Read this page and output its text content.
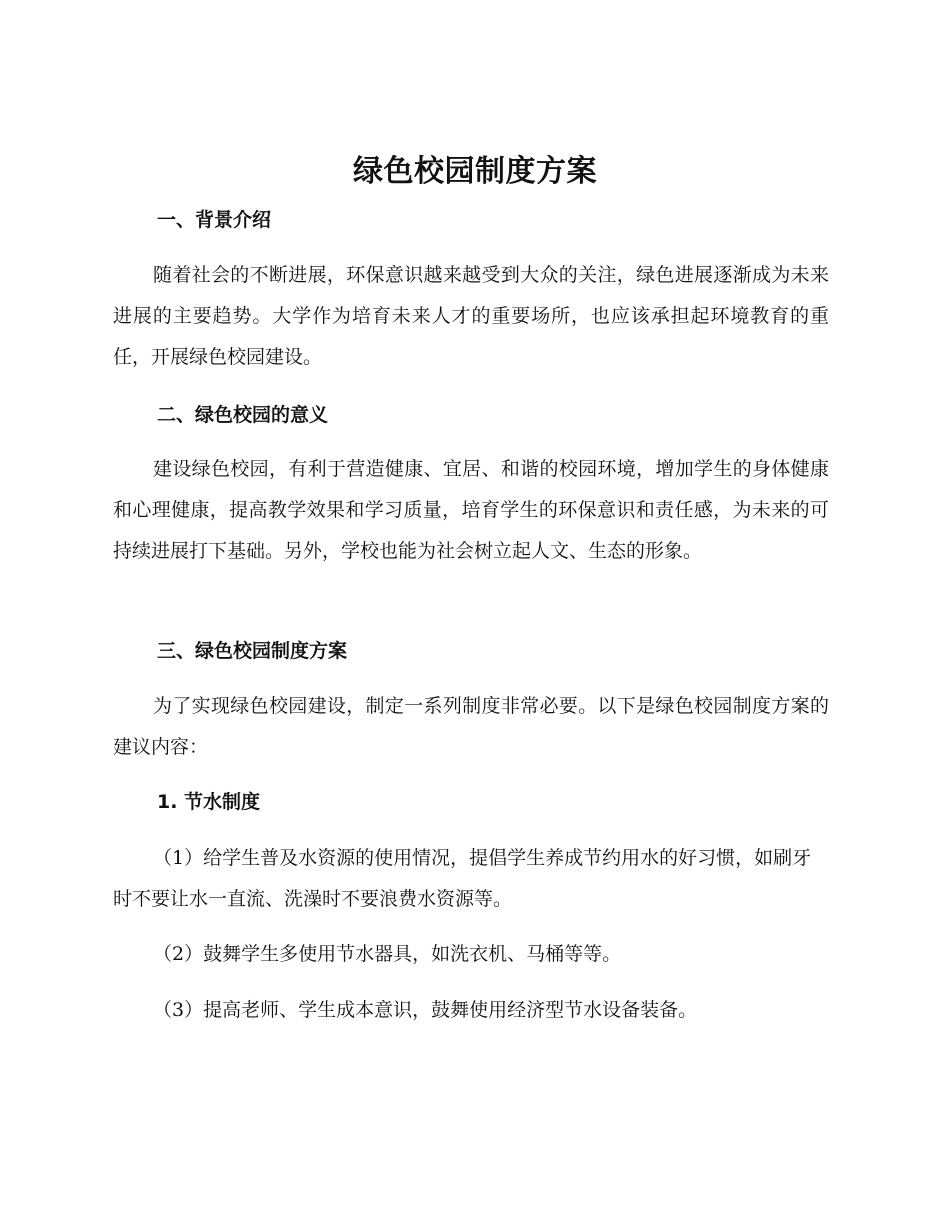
绿色校园制度方案
一、背景介绍

随着社会的不断进展，环保意识越来越受到大众的关注，绿色进展逐渐成为未来进展的主要趋势。大学作为培育未来人才的重要场所，也应该承担起环境教育的重任，开展绿色校园建设。

二、绿色校园的意义

建设绿色校园，有利于营造健康、宜居、和谐的校园环境，增加学生的身体健康和心理健康，提高教学效果和学习质量，培育学生的环保意识和责任感，为未来的可持续进展打下基础。另外，学校也能为社会树立起人文、生态的形象。

三、绿色校园制度方案

为了实现绿色校园建设，制定一系列制度非常必要。以下是绿色校园制度方案的建议内容：

1. 节水制度

（1）给学生普及水资源的使用情况，提倡学生养成节约用水的好习惯，如刷牙时不要让水一直流、洗澡时不要浪费水资源等。

（2）鼓舞学生多使用节水器具，如洗衣机、马桶等等。

（3）提高老师、学生成本意识，鼓舞使用经济型节水设备装备。
